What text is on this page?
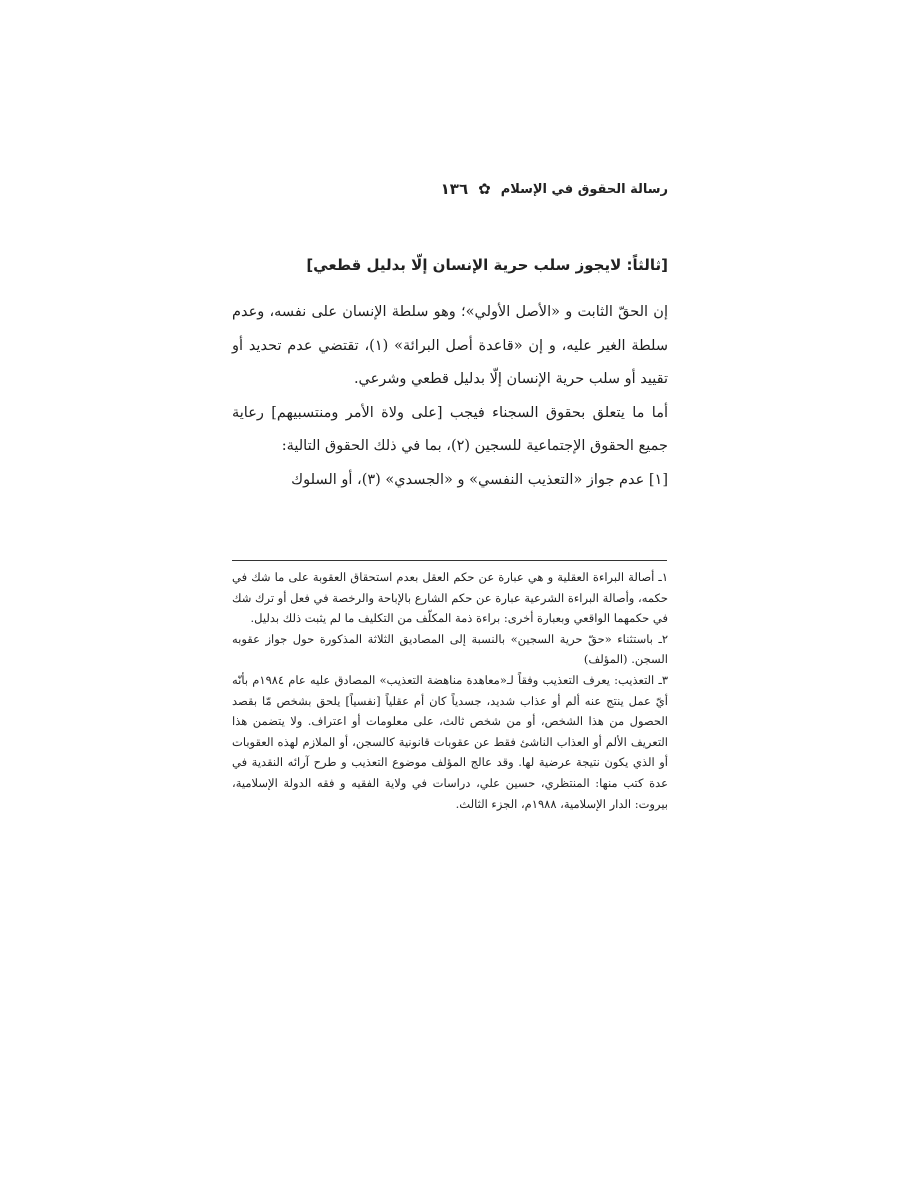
١٣٦ ✿ رسالة الحقوق في الإسلام
[ثالثاً: لايجوز سلب حرية الإنسان إلّا بدليل قطعي]

إن الحقّ الثابت و «الأصل الأولي»؛ وهو سلطة الإنسان على نفسه، وعدم سلطة الغير عليه، و إن «قاعدة أصل البرائة» (١)، تقتضي عدم تحديد أو تقييد أو سلب حرية الإنسان إلّا بدليل قطعي وشرعي.

أما ما يتعلق بحقوق السجناء فيجب [على ولاة الأمر ومنتسبيهم] رعاية جميع الحقوق الإجتماعية للسجين (٢)، بما في ذلك الحقوق التالية:

[١] عدم جواز «التعذيب النفسي» و «الجسدي» (٣)، أو السلوك

١ـ أصالة البراءة العقلية و هي عبارة عن حكم العقل بعدم استحقاق العقوبة على ما شك في حكمه، وأصالة البراءة الشرعية عبارة عن حكم الشارع بالإباحة والرخصة في فعل أو ترك شك في حكمهما الواقعي وبعبارة أخرى: براءة ذمة المكلّف من التكليف ما لم يثبت ذلك بدليل.

٢ـ باستثناء «حقّ حرية السجين» بالنسبة إلى المصاديق الثلاثة المذكورة حول جواز عقوبه السجن. (المؤلف)

٣ـ التعذيب: يعرف التعذيب وفقاً لـ«معاهدة مناهضة التعذيب» المصادق عليه عام ١٩٨٤م بأنّه أيّ عمل ينتج عنه ألم أو عذاب شديد، جسدياً كان أم عقلياً [نفسياً] يلحق بشخص مّا بقصد الحصول من هذا الشخص، أو من شخص ثالث، على معلومات أو اعتراف. ولا يتضمن هذا التعريف الألم أو العذاب الناشئ فقط عن عقوبات قانونية كالسجن، أو الملازم لهذه العقوبات أو الذي يكون نتيجة عرضية لها. وقد عالج المؤلف موضوع التعذيب و طرح آرائه النقدية في عدة كتب منها: المنتظري، حسين علي، دراسات في ولاية الفقيه و فقه الدولة الإسلامية، بيروت: الدار الإسلامية، ١٩٨٨م، الجزء الثالث.
